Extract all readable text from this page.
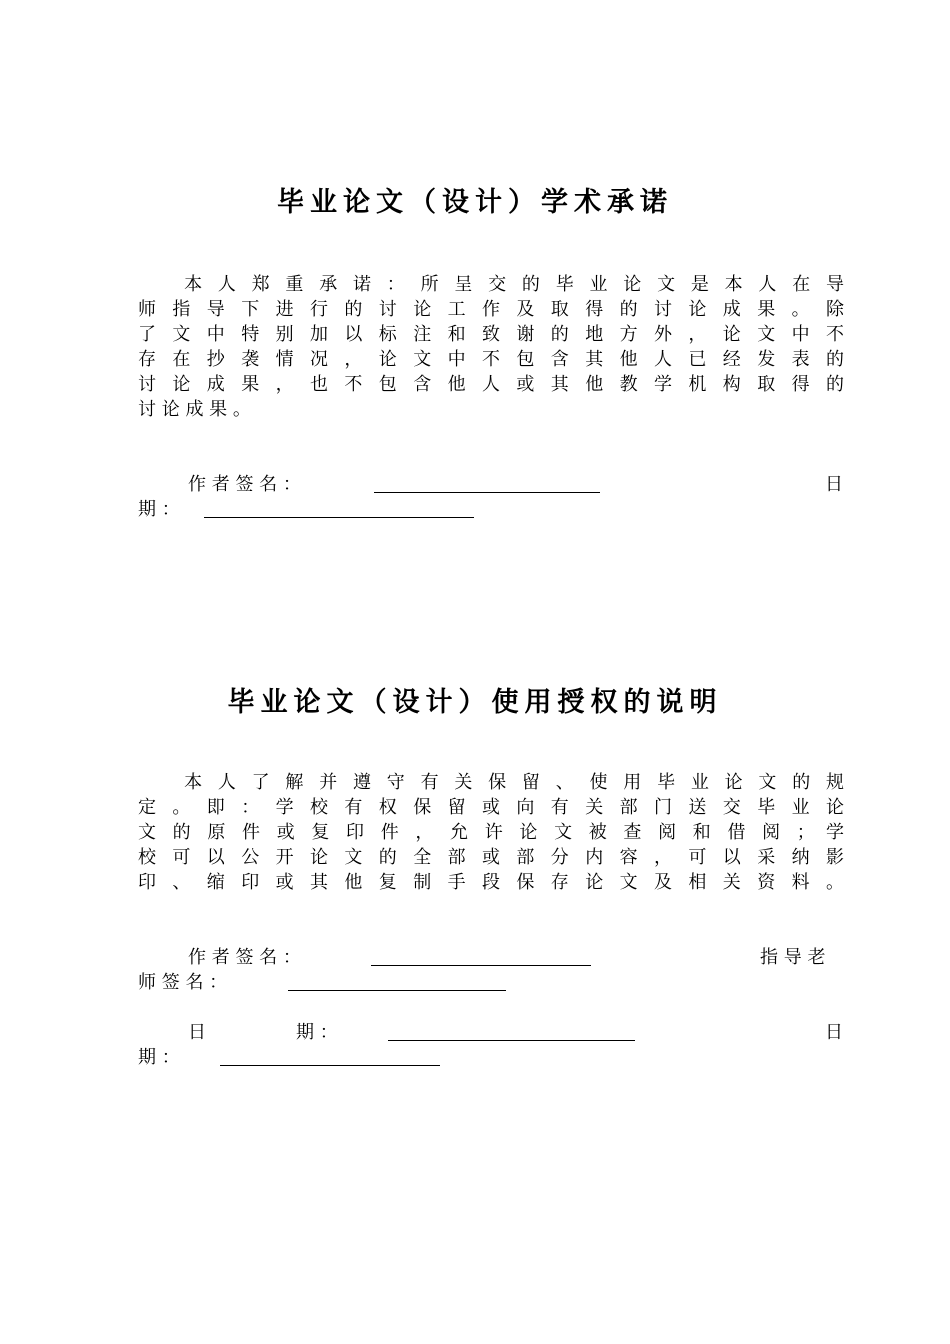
毕业论文（设计）学术承诺
　　本 人 郑 重 承 诺 ： 所 呈 交 的 毕 业 论 文 是 本 人 在 导
师 指 导 下 进 行 的 讨 论 工 作 及 取 得 的 讨 论 成 果 。 除
了 文 中 特 别 加 以 标 注 和 致 谢 的 地 方 外 ， 论 文 中 不
存 在 抄 袭 情 况 ， 论 文 中 不 包 含 其 他 人 已 经 发 表 的
讨 论 成 果 ， 也 不 包 含 他 人 或 其 他 教 学 机 构 取 得 的
讨 论 成 果 。
作 者 签 名 ：	日
期 ：
毕业论文（设计）使用授权的说明
　　本 人 了 解 并 遵 守 有 关 保 留 、 使 用 毕 业 论 文 的 规
定 。 即 ： 学 校 有 权 保 留 或 向 有 关 部 门 送 交 毕 业 论
文 的 原 件 或 复 印 件 ， 允 许 论 文 被 查 阅 和 借 阅 ； 学
校 可 以 公 开 论 文 的 全 部 或 部 分 内 容 ， 可 以 采 纳 影
印 、 缩 印 或 其 他 复 制 手 段 保 存 论 文 及 相 关 资 料 。
作 者 签 名 ：	指 导 老
师 签 名 ：
日　　　　　期 ：	日
期 ：
